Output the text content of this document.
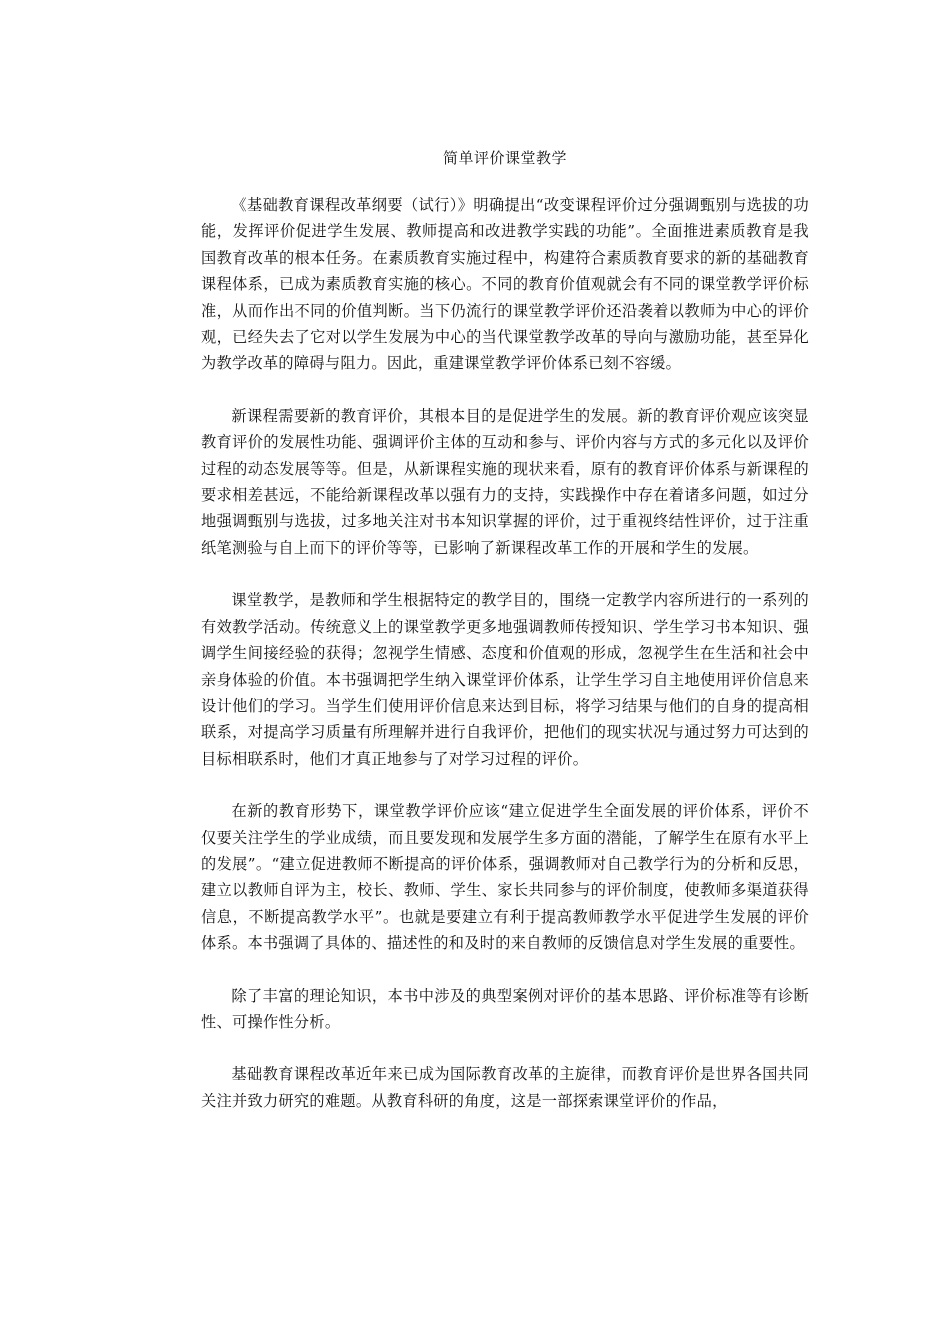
简单评价课堂教学

《基础教育课程改革纲要（试行）》明确提出“改变课程评价过分强调甄别与选拔的功能，发挥评价促进学生发展、教师提高和改进教学实践的功能”。全面推进素质教育是我国教育改革的根本任务。在素质教育实施过程中，构建符合素质教育要求的新的基础教育课程体系，已成为素质教育实施的核心。不同的教育价值观就会有不同的课堂教学评价标准，从而作出不同的价值判断。当下仍流行的课堂教学评价还沿袭着以教师为中心的评价观，已经失去了它对以学生发展为中心的当代课堂教学改革的导向与激励功能，甚至异化为教学改革的障碍与阻力。因此，重建课堂教学评价体系已刻不容缓。

新课程需要新的教育评价，其根本目的是促进学生的发展。新的教育评价观应该突显教育评价的发展性功能、强调评价主体的互动和参与、评价内容与方式的多元化以及评价过程的动态发展等等。但是，从新课程实施的现状来看，原有的教育评价体系与新课程的要求相差甚远，不能给新课程改革以强有力的支持，实践操作中存在着诸多问题，如过分地强调甄别与选拔，过多地关注对书本知识掌握的评价，过于重视终结性评价，过于注重纸笔测验与自上而下的评价等等，已影响了新课程改革工作的开展和学生的发展。

课堂教学，是教师和学生根据特定的教学目的，围绕一定教学内容所进行的一系列的有效教学活动。传统意义上的课堂教学更多地强调教师传授知识、学生学习书本知识、强调学生间接经验的获得；忽视学生情感、态度和价值观的形成，忽视学生在生活和社会中亲身体验的价值。本书强调把学生纳入课堂评价体系，让学生学习自主地使用评价信息来设计他们的学习。当学生们使用评价信息来达到目标，将学习结果与他们的自身的提高相联系，对提高学习质量有所理解并进行自我评价，把他们的现实状况与通过努力可达到的目标相联系时，他们才真正地参与了对学习过程的评价。

在新的教育形势下，课堂教学评价应该“建立促进学生全面发展的评价体系，评价不仅要关注学生的学业成绩，而且要发现和发展学生多方面的潜能，了解学生在原有水平上的发展”。“建立促进教师不断提高的评价体系，强调教师对自己教学行为的分析和反思，建立以教师自评为主，校长、教师、学生、家长共同参与的评价制度，使教师多渠道获得信息，不断提高教学水平”。也就是要建立有利于提高教师教学水平促进学生发展的评价体系。本书强调了具体的、描述性的和及时的来自教师的反馈信息对学生发展的重要性。

除了丰富的理论知识，本书中涉及的典型案例对评价的基本思路、评价标准等有诊断性、可操作性分析。

基础教育课程改革近年来已成为国际教育改革的主旋律，而教育评价是世界各国共同关注并致力研究的难题。从教育科研的角度，这是一部探索课堂评价的作品，
